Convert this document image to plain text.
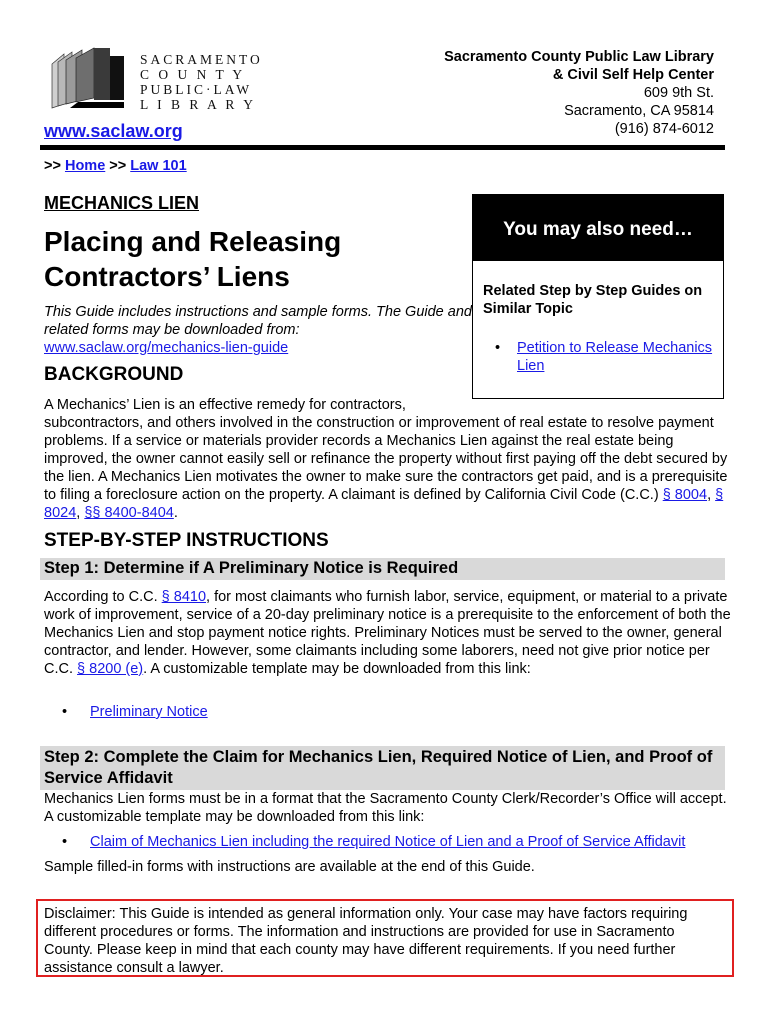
SACRAMENTO
C O U N T Y
PUBLIC·LAW
L I B R A R Y
www.saclaw.org
Sacramento County Public Law Library
& Civil Self Help Center
609 9th St.
Sacramento, CA 95814
(916) 874-6012
>> Home >> Law 101
MECHANICS LIEN
Placing and Releasing
Contractors’ Liens
This Guide includes instructions and sample forms. The Guide and related forms may be downloaded from:
www.saclaw.org/mechanics-lien-guide
You may also need…
Related Step by Step Guides on Similar Topic
• Petition to Release Mechanics Lien
BACKGROUND
A Mechanics’ Lien is an effective remedy for contractors,
subcontractors, and others involved in the construction or improvement of real estate to resolve payment problems. If a service or materials provider records a Mechanics Lien against the real estate being improved, the owner cannot easily sell or refinance the property without first paying off the debt secured by the lien. A Mechanics Lien motivates the owner to make sure the contractors get paid, and is a prerequisite to filing a foreclosure action on the property. A claimant is defined by California Civil Code (C.C.) § 8004, § 8024, §§ 8400-8404.
STEP-BY-STEP INSTRUCTIONS
Step 1: Determine if A Preliminary Notice is Required
According to C.C. § 8410, for most claimants who furnish labor, service, equipment, or material to a private work of improvement, service of a 20-day preliminary notice is a prerequisite to the enforcement of both the Mechanics Lien and stop payment notice rights. Preliminary Notices must be served to the owner, general contractor, and lender. However, some claimants including some laborers, need not give prior notice per C.C. § 8200 (e). A customizable template may be downloaded from this link:
• Preliminary Notice
Step 2: Complete the Claim for Mechanics Lien, Required Notice of Lien, and Proof of Service Affidavit
Mechanics Lien forms must be in a format that the Sacramento County Clerk/Recorder’s Office will accept. A customizable template may be downloaded from this link:
• Claim of Mechanics Lien including the required Notice of Lien and a Proof of Service Affidavit
Sample filled-in forms with instructions are available at the end of this Guide.
Disclaimer: This Guide is intended as general information only. Your case may have factors requiring different procedures or forms. The information and instructions are provided for use in Sacramento County. Please keep in mind that each county may have different requirements. If you need further assistance consult a lawyer.
